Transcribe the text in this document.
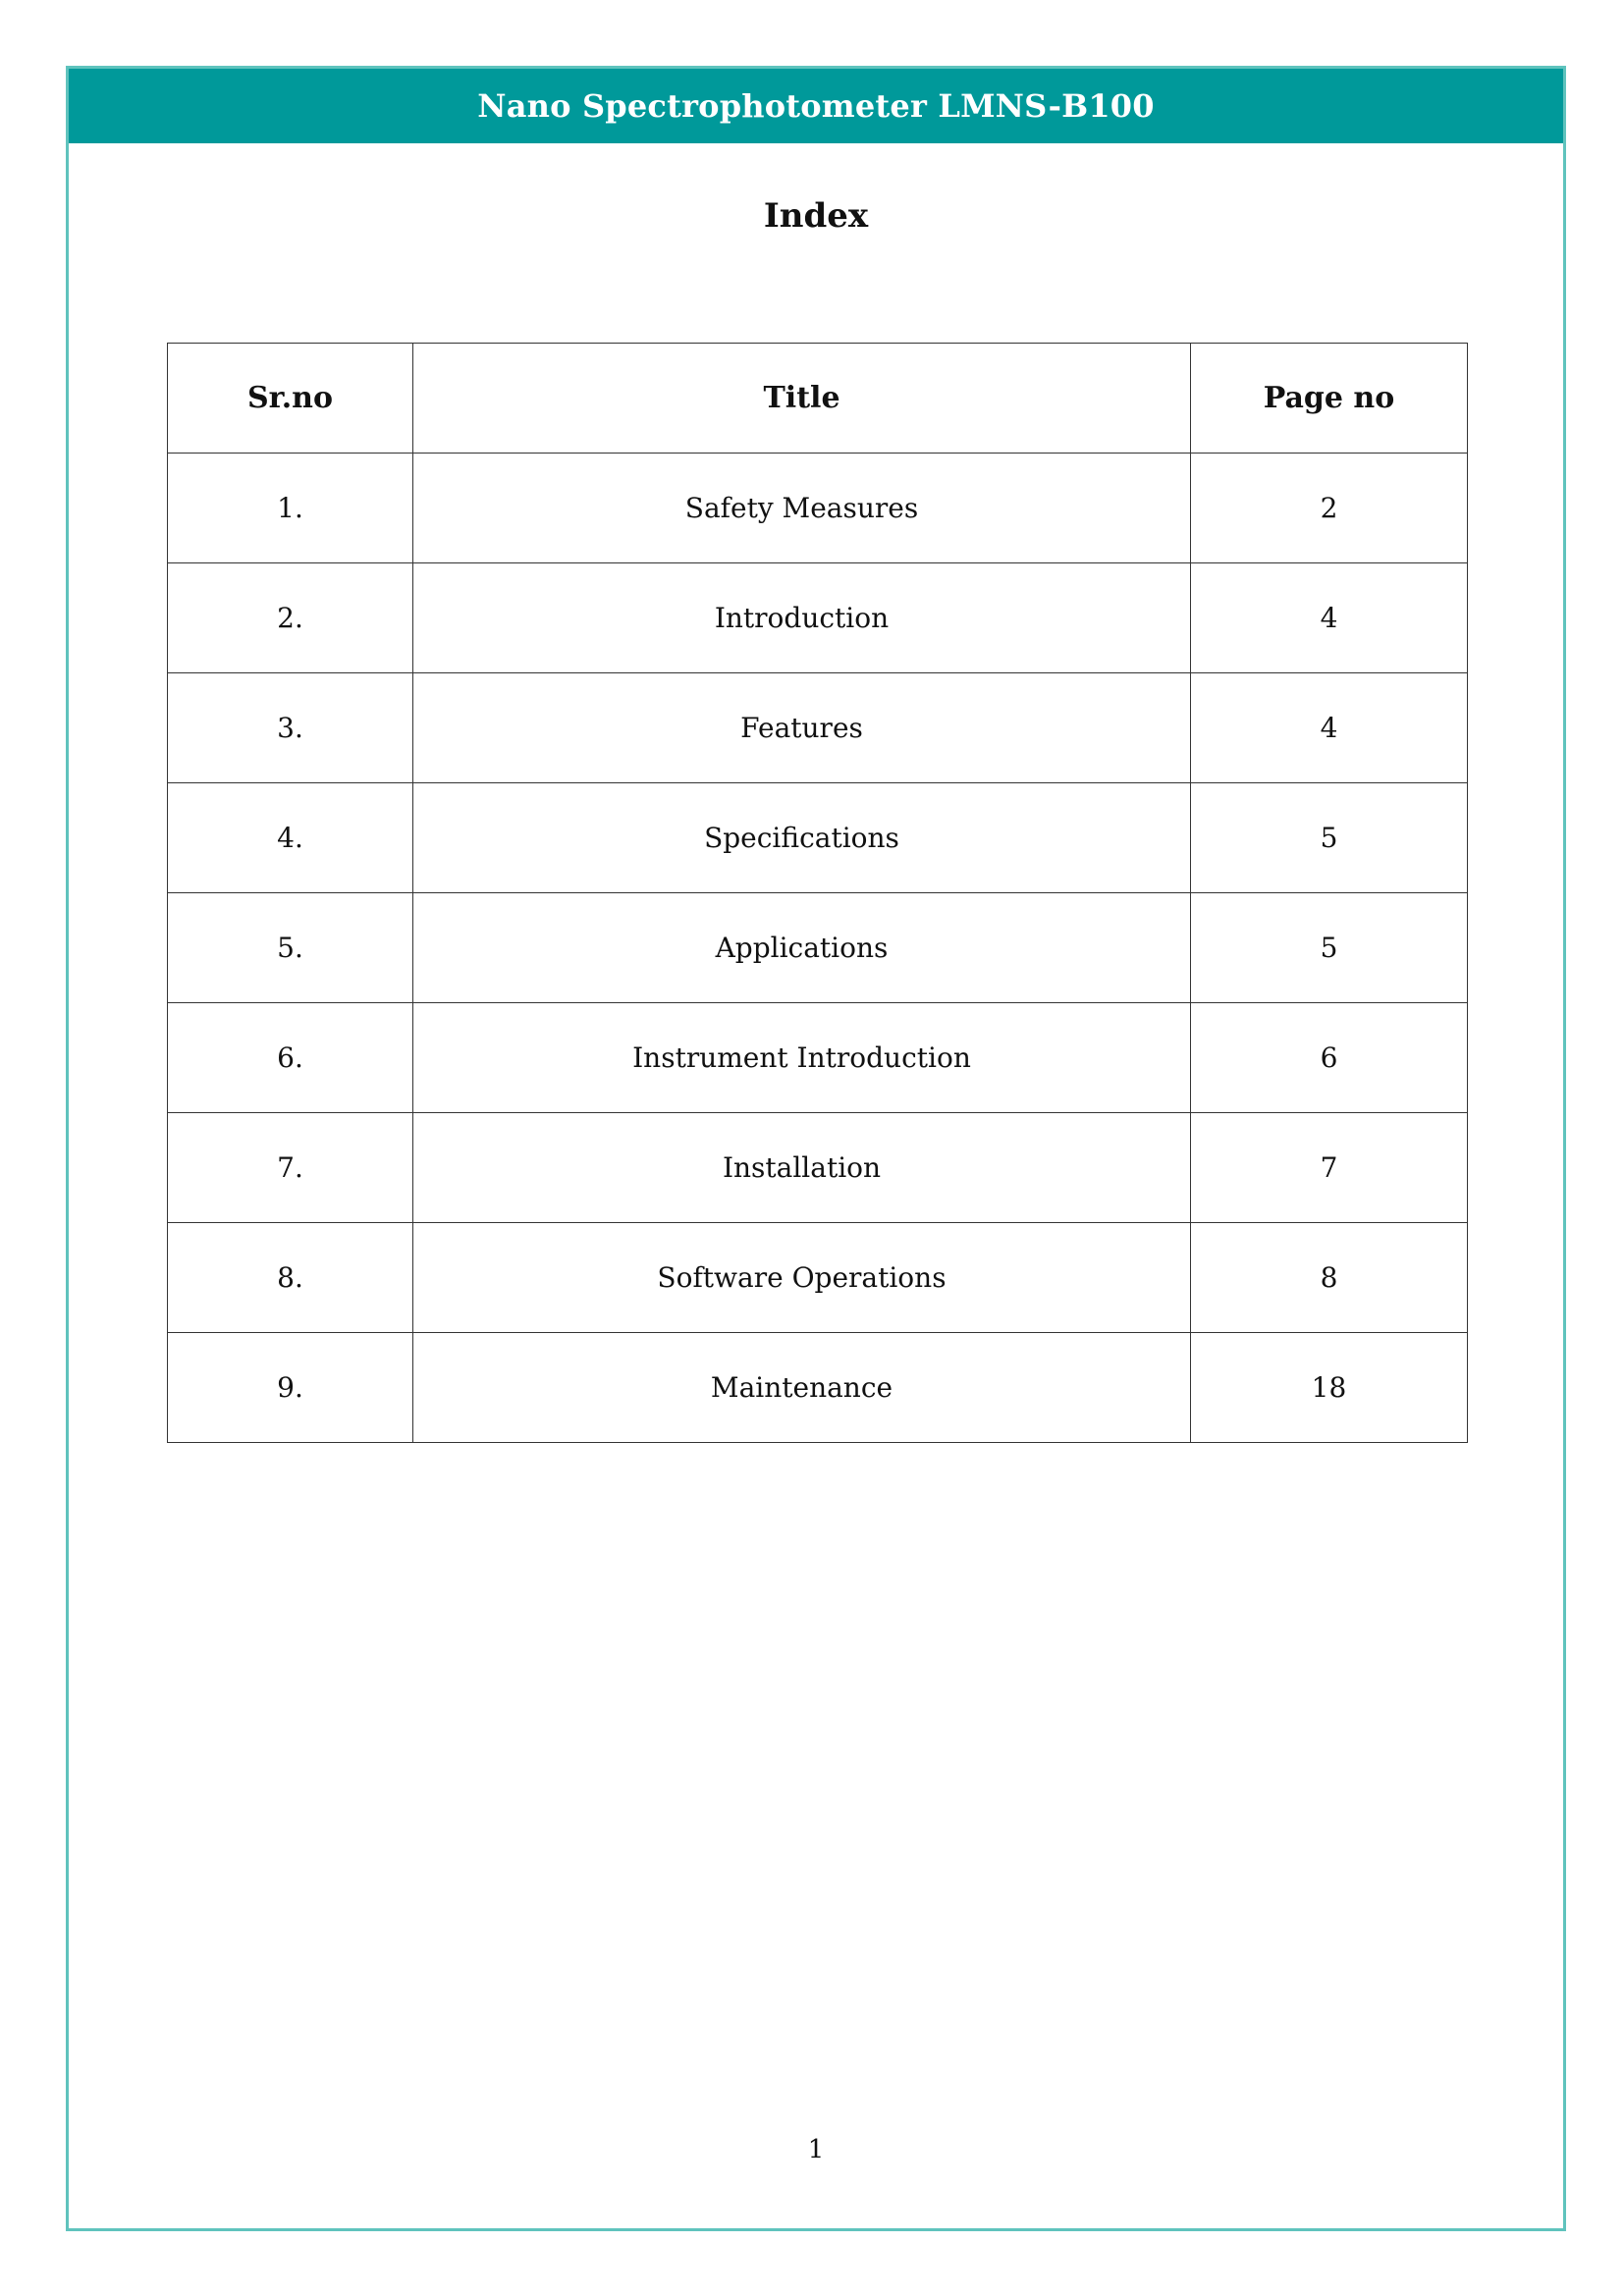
Nano Spectrophotometer LMNS-B100
Index
Sr.no	Title	Page no
1.	Safety Measures	2
2.	Introduction	4
3.	Features	4
4.	Specifications	5
5.	Applications	5
6.	Instrument Introduction	6
7.	Installation	7
8.	Software Operations	8
9.	Maintenance	18
1
